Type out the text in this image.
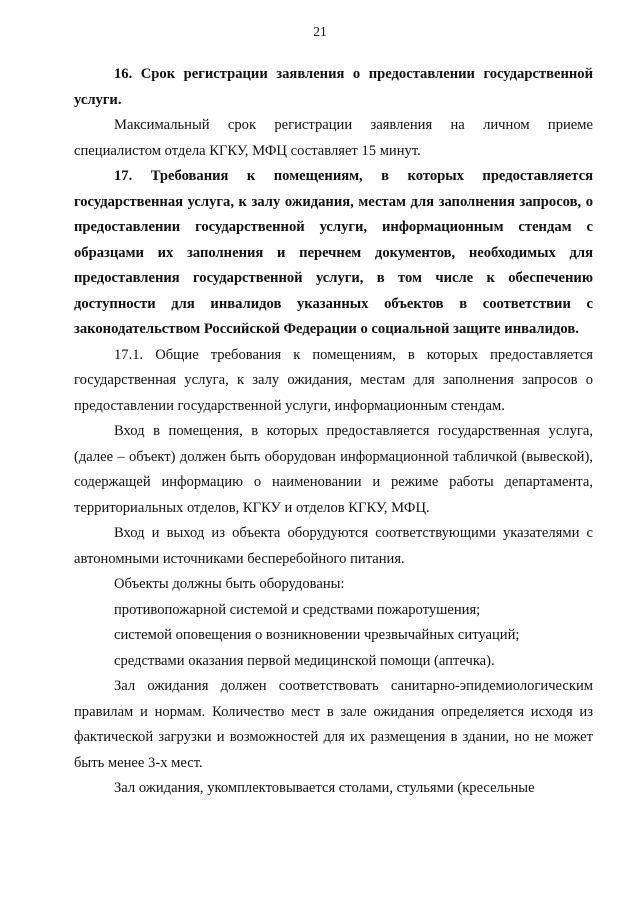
21

16. Срок регистрации заявления о предоставлении государственной услуги.

Максимальный срок регистрации заявления на личном приеме специалистом отдела КГКУ, МФЦ составляет 15 минут.

17. Требования к помещениям, в которых предоставляется государственная услуга, к залу ожидания, местам для заполнения запросов, о предоставлении государственной услуги, информационным стендам с образцами их заполнения и перечнем документов, необходимых для предоставления государственной услуги, в том числе к обеспечению доступности для инвалидов указанных объектов в соответствии с законодательством Российской Федерации о социальной защите инвалидов.

17.1. Общие требования к помещениям, в которых предоставляется государственная услуга, к залу ожидания, местам для заполнения запросов о предоставлении государственной услуги, информационным стендам.

Вход в помещения, в которых предоставляется государственная услуга, (далее – объект) должен быть оборудован информационной табличкой (вывеской), содержащей информацию о наименовании и режиме работы департамента, территориальных отделов, КГКУ и отделов КГКУ, МФЦ.

Вход и выход из объекта оборудуются соответствующими указателями с автономными источниками бесперебойного питания.

Объекты должны быть оборудованы:

противопожарной системой и средствами пожаротушения;

системой оповещения о возникновении чрезвычайных ситуаций;

средствами оказания первой медицинской помощи (аптечка).

Зал ожидания должен соответствовать санитарно-эпидемиологическим правилам и нормам. Количество мест в зале ожидания определяется исходя из фактической загрузки и возможностей для их размещения в здании, но не может быть менее 3-х мест.

Зал ожидания, укомплектовывается столами, стульями (кресельные
